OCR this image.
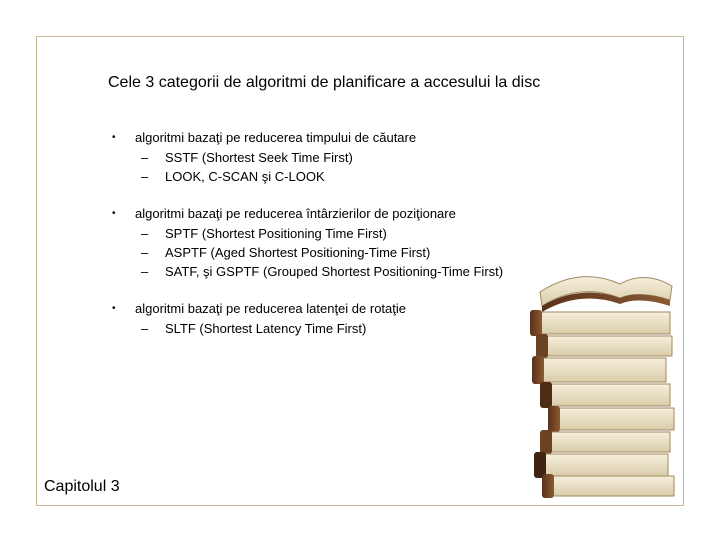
Cele 3 categorii de algoritmi de planificare a accesului la disc
• algoritmi bazaţi pe reducerea timpului de căutare
– SSTF (Shortest Seek Time First)
– LOOK, C-SCAN şi C-LOOK
• algoritmi bazaţi pe reducerea întârzierilor de poziţionare
– SPTF (Shortest Positioning Time First)
– ASPTF (Aged Shortest Positioning-Time First)
– SATF, şi GSPTF (Grouped Shortest Positioning-Time First)
• algoritmi bazaţi pe reducerea latenţei de rotaţie
– SLTF (Shortest Latency Time First)
Capitolul 3
